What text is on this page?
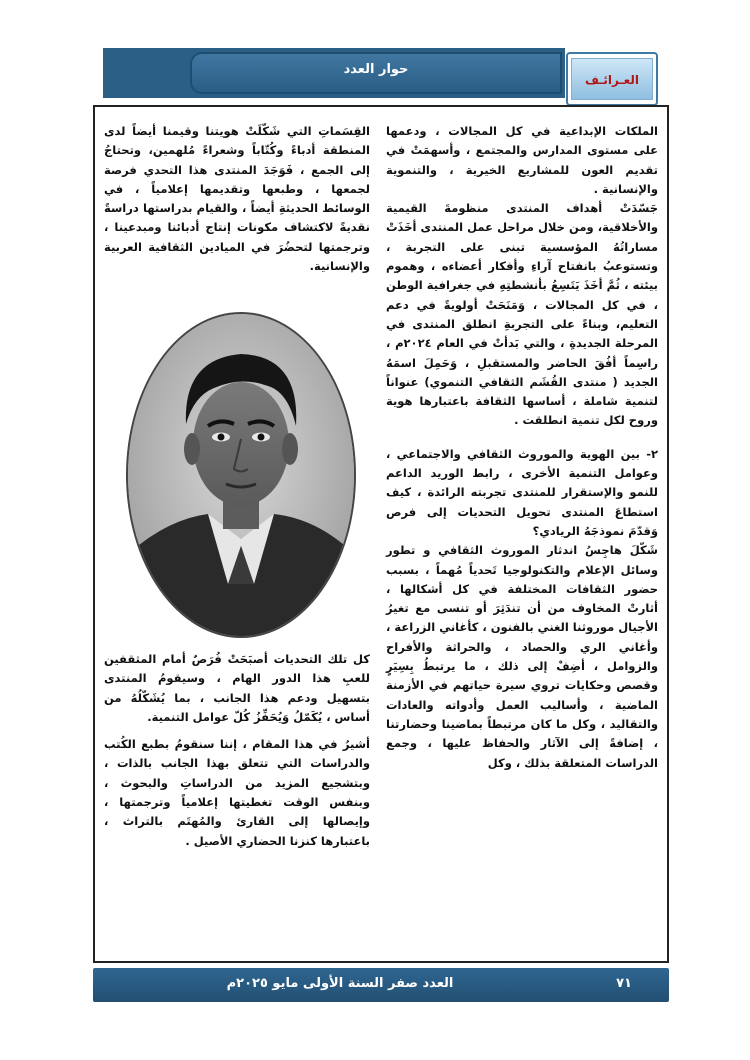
حوار العدد
العـرائـف

الملكات الإبداعية في كل المجالات ، ودعمها على مستوى المدارس والمجتمع ، وأسهمَتْ في تقديم العون للمشاريع الخيرية ، والتنموية والإنسانية .

جَسّدَتْ أهداف المنتدى منظومةَ القيمية والأخلاقية، ومن خلال مراحل عمل المنتدى أخَذَتْ مساراتُهُ المؤسسية تبنى على التجربة ، وتستوعبُ بانفتاح آراءِ وأفكار أعضاءه ، وهموم بيئته ، ثُمَّ أخَذَ يَتَسِعُ بأنشطتِهِ في جغرافية الوطن ، في كل المجالات ، وَمَنَحَتْ أولويةً في دعم التعليم، وبناءً على التجربةِ انطلق المنتدى في المرحلة الجديدةِ ، والتي بَدأتْ في العام ٢٠٢٤م ، راسِماً أفُقَ الحاضر والمستقبلِ ، وَحَمِلَ اسمَهُ الجديد ( منتدى القُشَم الثقافي التنموي) عنواناً لتنمية شاملة ، أساسها الثقافة باعتبارها هوية وروح لكل تنمية انطلقت .

٢- بين الهوية والموروث الثقافي والاجتماعي ، وعوامل التنمية الأخرى ، رابط الوريد الداعم للنمو والإستقرار للمنتدى تجربته الرائدة ، كيف استطاعَ المنتدى تحويل التحديات إلى فرص وَقدّمَ نموذجَهُ الريادي؟

شَكّلَ هاجِسُ اندثار الموروث الثقافي و تطور وسائل الإعلام والتكنولوجيا تَحدياً مُهماً ، بسبب حضور الثقافات المختلفة في كل أشكالها ، أثارتْ المخاوف من أن تندَثِرَ أو تنسى مع تغيرُ الأجيال موروثنا الغني بالفنون ، كأغاني الزراعة ، وأغاني الري والحصاد ، والحراثة والأفراح والزوامل ، أضِفْ إلى ذلك ، ما يرتبطُ بِسِيَرٍ وقصص وحكايات تروي سيرة حياتهم في الأزمنة الماضية ، وأساليب العمل وأدواته والعادات والتقاليد ، وكل ما كان مرتبطاً بماضينا وحضارتنا ، إضافةً إلى الآثار والحفاظ عليها ، وجمع الدراسات المتعلقة بذلك ، وكل

القِسَماتِ التي شَكّلَتْ هويتنا وقيمنا أيضاً لدى المنطقة أدباءً وكُتّاباً وشعراءً مُلهمين، وتحتاجُ إلى الجمع ، فَوَجَدَ المنتدى هذا التحدي فرصة لجمعها ، وطبعها وتقديمها إعلامياً ، في الوسائط الحديثةِ أيضاً ، والقيام بدراستها دراسةً نقديةً لاكتشاف مكونات إنتاج أدبائنا ومبدعينا ، وترجمتها لتحضُرَ في الميادين الثقافية العربية والإنسانية.

كل تلك التحديات أصبَحَتْ فُرَصٌ أمام المثقفين للعبِ هذا الدور الهام ، وسيقومُ المنتدى بتسهيل ودعم هذا الجانب ، بما يُشَكّلُهُ من أساس ، يُكَمّلُ وَيُحَفِّزُ كُلّ عوامل التنمية.

أشيرُ في هذا المقام ، إننا سنقومُ بطبع الكُتب والدراسات التي تتعلق بهذا الجانب بالذات ، وبتشجيع المزيد من الدراساتِ والبحوث ، وبنفس الوقت تغطيتها إعلامياً وترجمتها ، وإيصالها إلى القارئ والمُهتَم بالتراث ، باعتبارها كنزنا الحضاري الأصيل .

العدد صفر السنة الأولى مايو ٢٠٢٥م	٧١
